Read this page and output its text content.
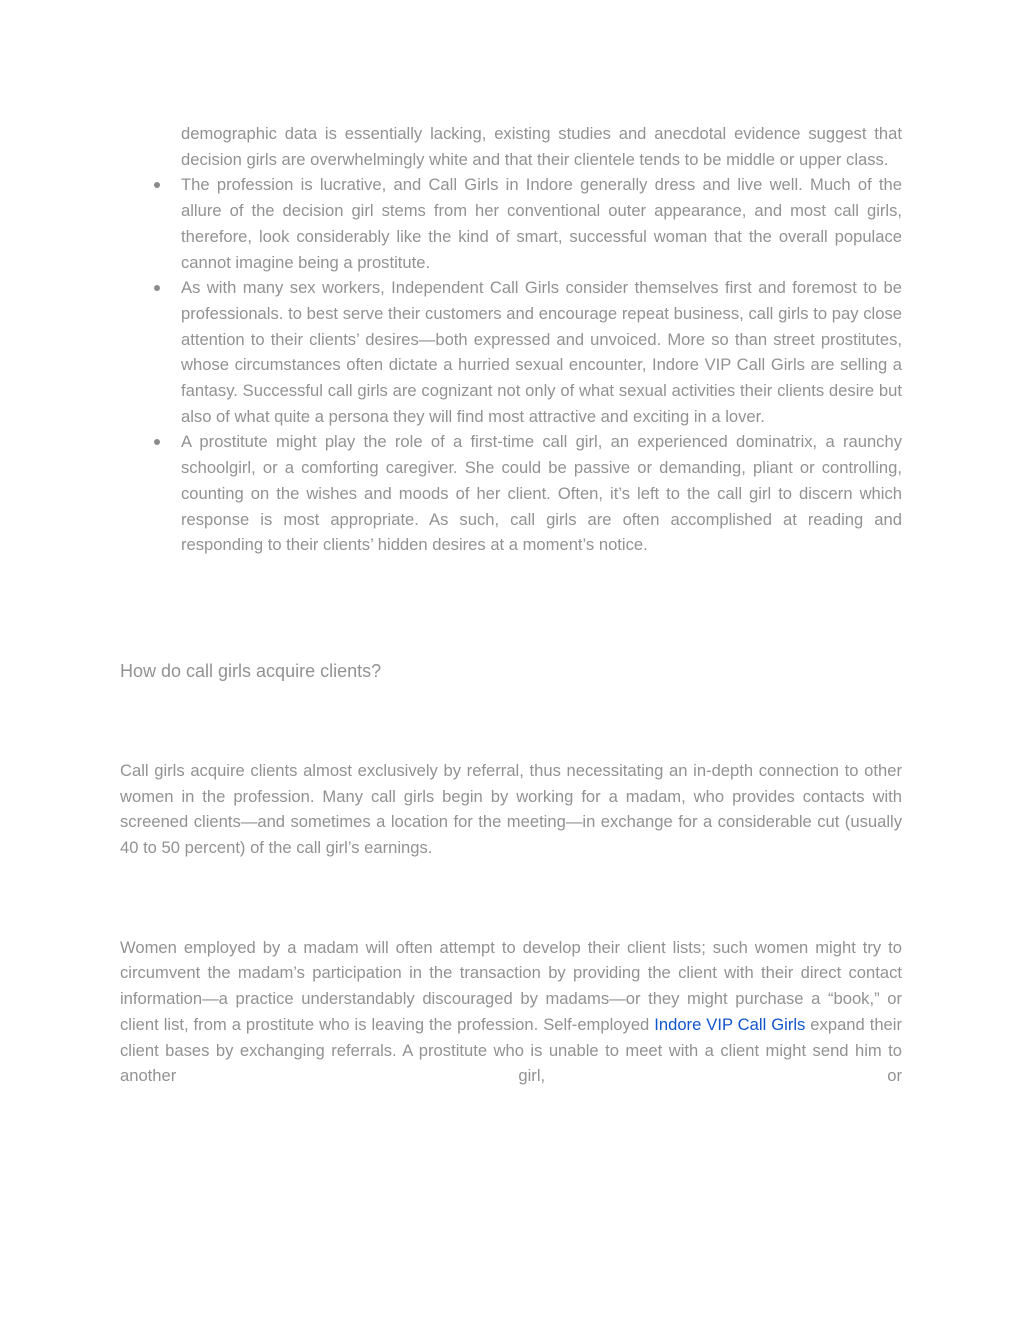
demographic data is essentially lacking, existing studies and anecdotal evidence suggest that decision girls are overwhelmingly white and that their clientele tends to be middle or upper class.
The profession is lucrative, and Call Girls in Indore generally dress and live well. Much of the allure of the decision girl stems from her conventional outer appearance, and most call girls, therefore, look considerably like the kind of smart, successful woman that the overall populace cannot imagine being a prostitute.
As with many sex workers, Independent Call Girls consider themselves first and foremost to be professionals. to best serve their customers and encourage repeat business, call girls to pay close attention to their clients’ desires—both expressed and unvoiced. More so than street prostitutes, whose circumstances often dictate a hurried sexual encounter, Indore VIP Call Girls are selling a fantasy. Successful call girls are cognizant not only of what sexual activities their clients desire but also of what quite a persona they will find most attractive and exciting in a lover.
A prostitute might play the role of a first-time call girl, an experienced dominatrix, a raunchy schoolgirl, or a comforting caregiver. She could be passive or demanding, pliant or controlling, counting on the wishes and moods of her client. Often, it’s left to the call girl to discern which response is most appropriate. As such, call girls are often accomplished at reading and responding to their clients’ hidden desires at a moment’s notice.
How do call girls acquire clients?

Call girls acquire clients almost exclusively by referral, thus necessitating an in-depth connection to other women in the profession. Many call girls begin by working for a madam, who provides contacts with screened clients—and sometimes a location for the meeting—in exchange for a considerable cut (usually 40 to 50 percent) of the call girl’s earnings.

Women employed by a madam will often attempt to develop their client lists; such women might try to circumvent the madam’s participation in the transaction by providing the client with their direct contact information—a practice understandably discouraged by madams—or they might purchase a “book,” or client list, from a prostitute who is leaving the profession. Self-employed Indore VIP Call Girls expand their client bases by exchanging referrals. A prostitute who is unable to meet with a client might send him to another girl, or
